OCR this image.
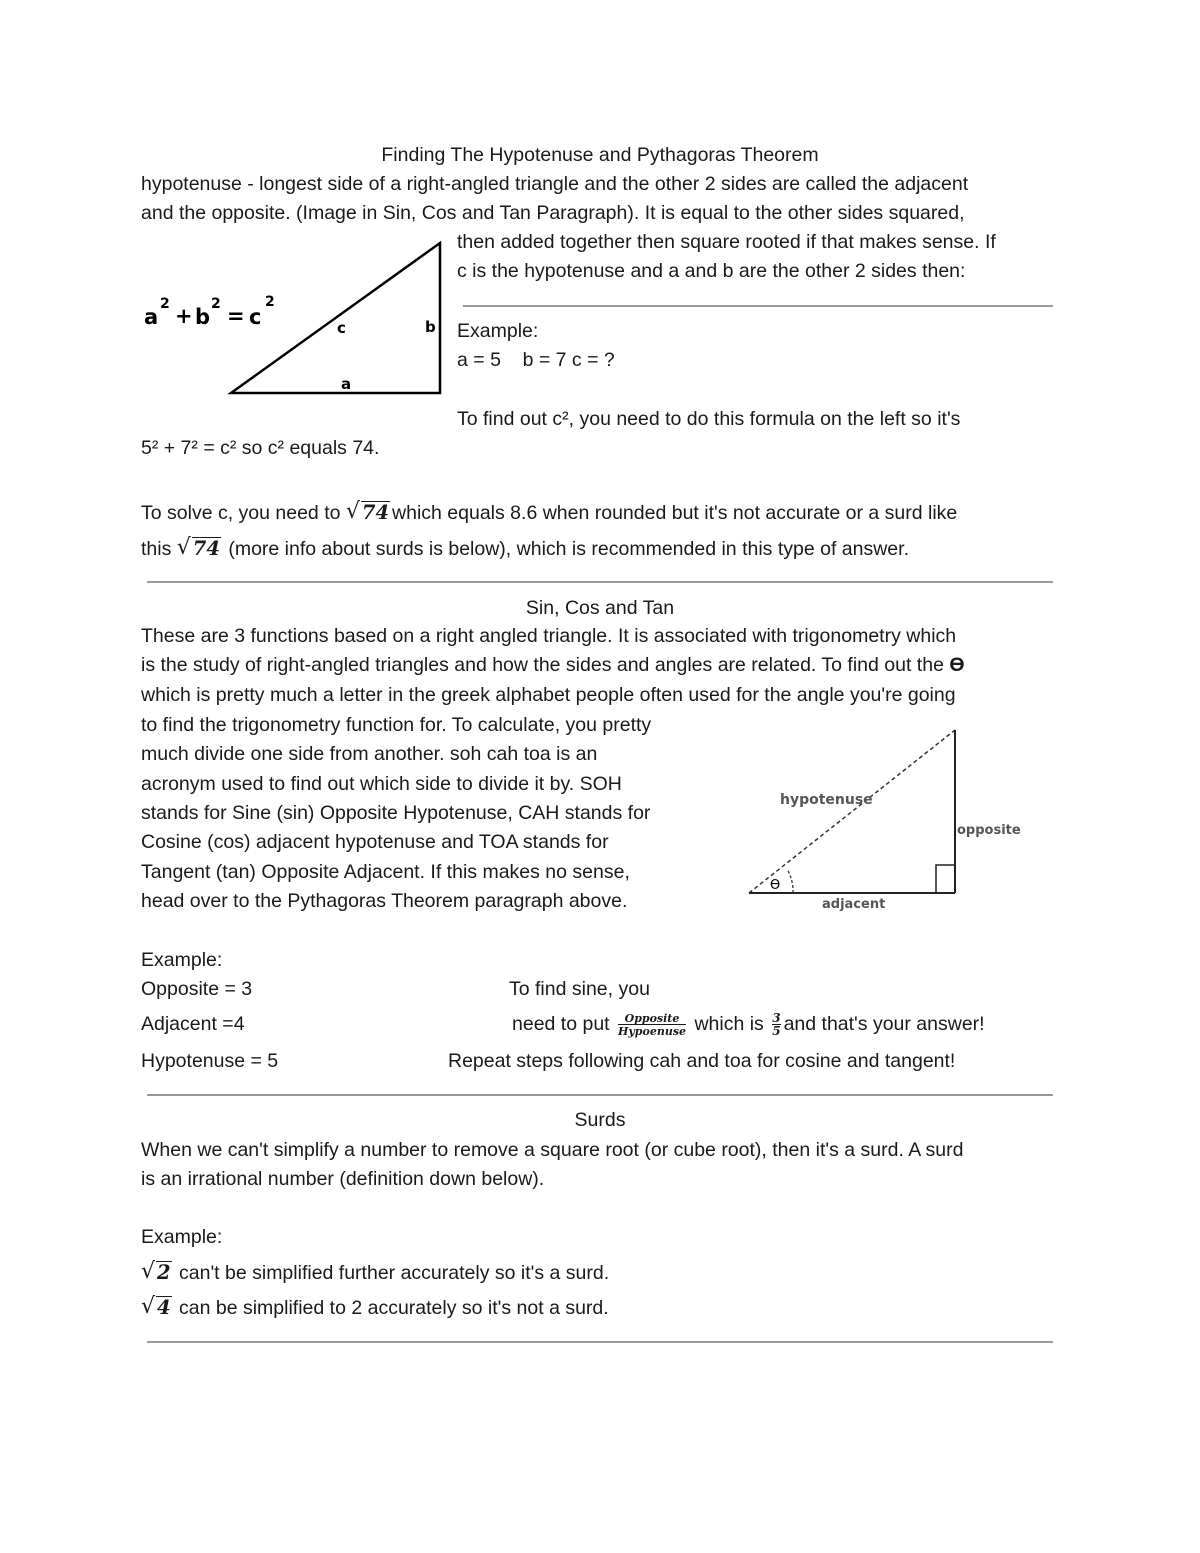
Finding The Hypotenuse and Pythagoras Theorem
hypotenuse - longest side of a right-angled triangle and the other 2 sides are called the adjacent
and the opposite. (Image in Sin, Cos and Tan Paragraph). It is equal to the other sides squared,
then added together then square rooted if that makes sense. If
c is the hypotenuse and a and b are the other 2 sides then:
a
2 + b
2 = c
2
c	b
a
Example:
a = 5    b = 7 c = ?
To find out c², you need to do this formula on the left so it's
5² + 7² = c² so c² equals 74.
To solve c, you need to √ 74 which equals 8.6 when rounded but it's not accurate or a surd like
this √ 74 (more info about surds is below), which is recommended in this type of answer.
Sin, Cos and Tan
These are 3 functions based on a right angled triangle. It is associated with trigonometry which
is the study of right-angled triangles and how the sides and angles are related. To find out the ϴ
which is pretty much a letter in the greek alphabet people often used for the angle you're going
to find the trigonometry function for. To calculate, you pretty
much divide one side from another. soh cah toa is an
acronym used to find out which side to divide it by. SOH
stands for Sine (sin) Opposite Hypotenuse, CAH stands for
Cosine (cos) adjacent hypotenuse and TOA stands for
Tangent (tan) Opposite Adjacent. If this makes no sense,
head over to the Pythagoras Theorem paragraph above.
ϴ
hypotenuse
opposite
adjacent
Example:
Opposite = 3	To find sine, you
Adjacent =4	need to put $\frac{\text{Opposite}}{\text{Hypoenuse}}$ which is $\frac{3}{5}$ and that's your answer!
Hypotenuse = 5	Repeat steps following cah and toa for cosine and tangent!
Surds
When we can't simplify a number to remove a square root (or cube root), then it's a surd. A surd
is an irrational number (definition down below).
Example:
√ 2 can't be simplified further accurately so it's a surd.
√ 4 can be simplified to 2 accurately so it's not a surd.
